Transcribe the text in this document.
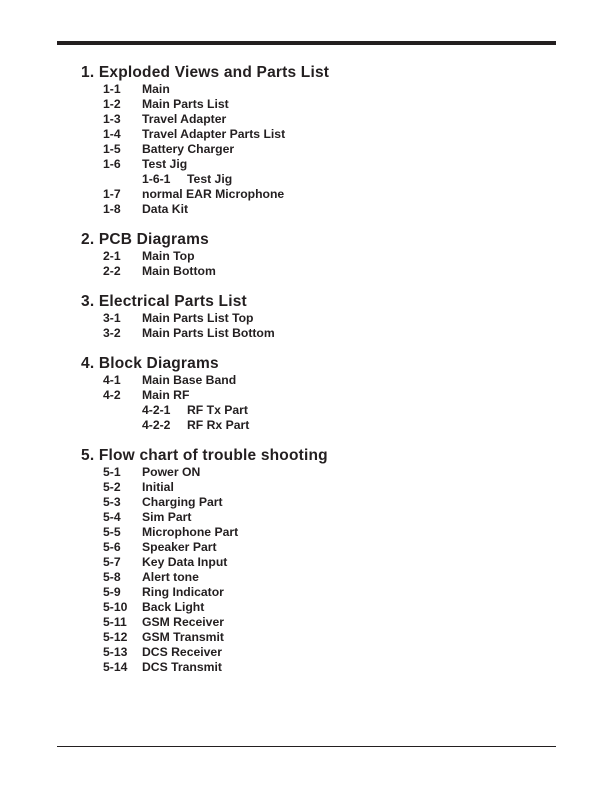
1. Exploded Views and Parts List
1-1 Main
1-2 Main Parts List
1-3 Travel Adapter
1-4 Travel Adapter Parts List
1-5 Battery Charger
1-6 Test Jig
1-6-1 Test Jig
1-7 normal EAR Microphone
1-8 Data Kit
2. PCB Diagrams
2-1 Main Top
2-2 Main Bottom
3. Electrical Parts List
3-1 Main Parts List Top
3-2 Main Parts List Bottom
4. Block Diagrams
4-1 Main Base Band
4-2 Main RF
4-2-1 RF Tx Part
4-2-2 RF Rx Part
5. Flow chart of trouble shooting
5-1 Power ON
5-2 Initial
5-3 Charging Part
5-4 Sim Part
5-5 Microphone Part
5-6 Speaker Part
5-7 Key Data Input
5-8 Alert tone
5-9 Ring Indicator
5-10 Back Light
5-11 GSM Receiver
5-12 GSM Transmit
5-13 DCS Receiver
5-14 DCS Transmit
